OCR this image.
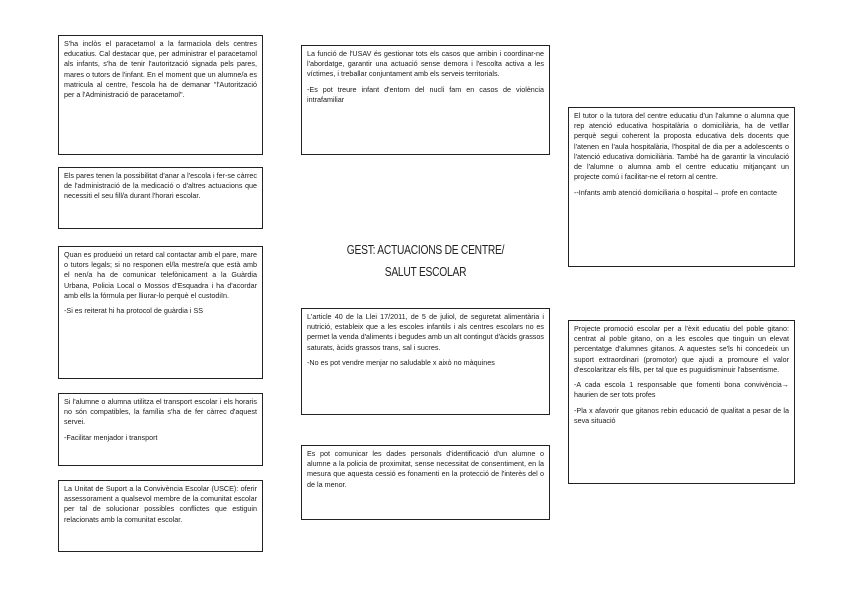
S'ha inclòs el paracetamol a la farmaciola dels centres educatius. Cal destacar que, per administrar el paracetamol als infants, s'ha de tenir l'autorització signada pels pares, mares o tutors de l'infant. En el moment que un alumne/a es matricula al centre, l'escola ha de demanar "l'Autorització per a l'Administració de paracetamol".

Els pares tenen la possibilitat d'anar a l'escola i fer-se càrrec de l'administració de la medicació o d'altres actuacions que necessiti el seu fill/a durant l'horari escolar.

Quan es produeixi un retard cal contactar amb el pare, mare o tutors legals; si no responen el/la mestre/a que està amb el nen/a ha de comunicar telefònicament a la Guàrdia Urbana, Policia Local o Mossos d'Esquadra i ha d'acordar amb ells la fórmula per lliurar-lo perquè el custodiïn.

-Si es reiterat hi ha protocol de guàrdia i SS

Si l'alumne o alumna utilitza el transport escolar i els horaris no són compatibles, la família s'ha de fer càrrec d'aquest servei.

-Facilitar menjador i transport

La Unitat de Suport a la Convivència Escolar (USCE): oferir assessorament a qualsevol membre de la comunitat escolar per tal de solucionar possibles conflictes que estiguin relacionats amb la comunitat escolar.

La funció de l'USAV és gestionar tots els casos que arribin i coordinar-ne l'abordatge, garantir una actuació sense demora i l'escolta activa a les víctimes, i treballar conjuntament amb els serveis territorials.

-Es pot treure infant d'entorn del nucli fam en casos de violència intrafamiliar

GEST: ACTUACIONS DE CENTRE/ SALUT ESCOLAR

L'article 40 de la Llei 17/2011, de 5 de juliol, de seguretat alimentària i nutrició, estableix que a les escoles infantils i als centres escolars no es permet la venda d'aliments i begudes amb un alt contingut d'àcids grassos saturats, àcids grassos trans, sal i sucres.

-No es pot vendre menjar no saludable x això no màquines

Es pot comunicar les dades personals d'identificació d'un alumne o alumne a la policia de proximitat, sense necessitat de consentiment, en la mesura que aquesta cessió es fonamenti en la protecció de l'interès del o de la menor.

El tutor o la tutora del centre educatiu d'un l'alumne o alumna que rep atenció educativa hospitalària o domiciliària, ha de vetllar perquè segui coherent la proposta educativa dels docents que l'atenen en l'aula hospitalària, l'hospital de dia per a adolescents o l'atenció educativa domiciliària. També ha de garantir la vinculació de l'alumne o alumna amb el centre educatiu mitjançant un projecte comú i facilitar-ne el retorn al centre.

--Infants amb atenció domiciliaria o hospital→ profe en contacte

Projecte promoció escolar per a l'èxit educatiu del poble gitano: centrat al poble gitano, on a les escoles que tinguin un elevat percentatge d'alumnes gitanos. A aquestes se'ls hi concedeix un suport extraordinari (promotor) que ajudi a promoure el valor d'escolaritzar els fills, per tal que es puguidisminuir l'absentisme.

-A cada escola 1 responsable que fomenti bona convivència→ haurien de ser tots profes

-Pla x afavorir que gitanos rebin educació de qualitat a pesar de la seva situació
